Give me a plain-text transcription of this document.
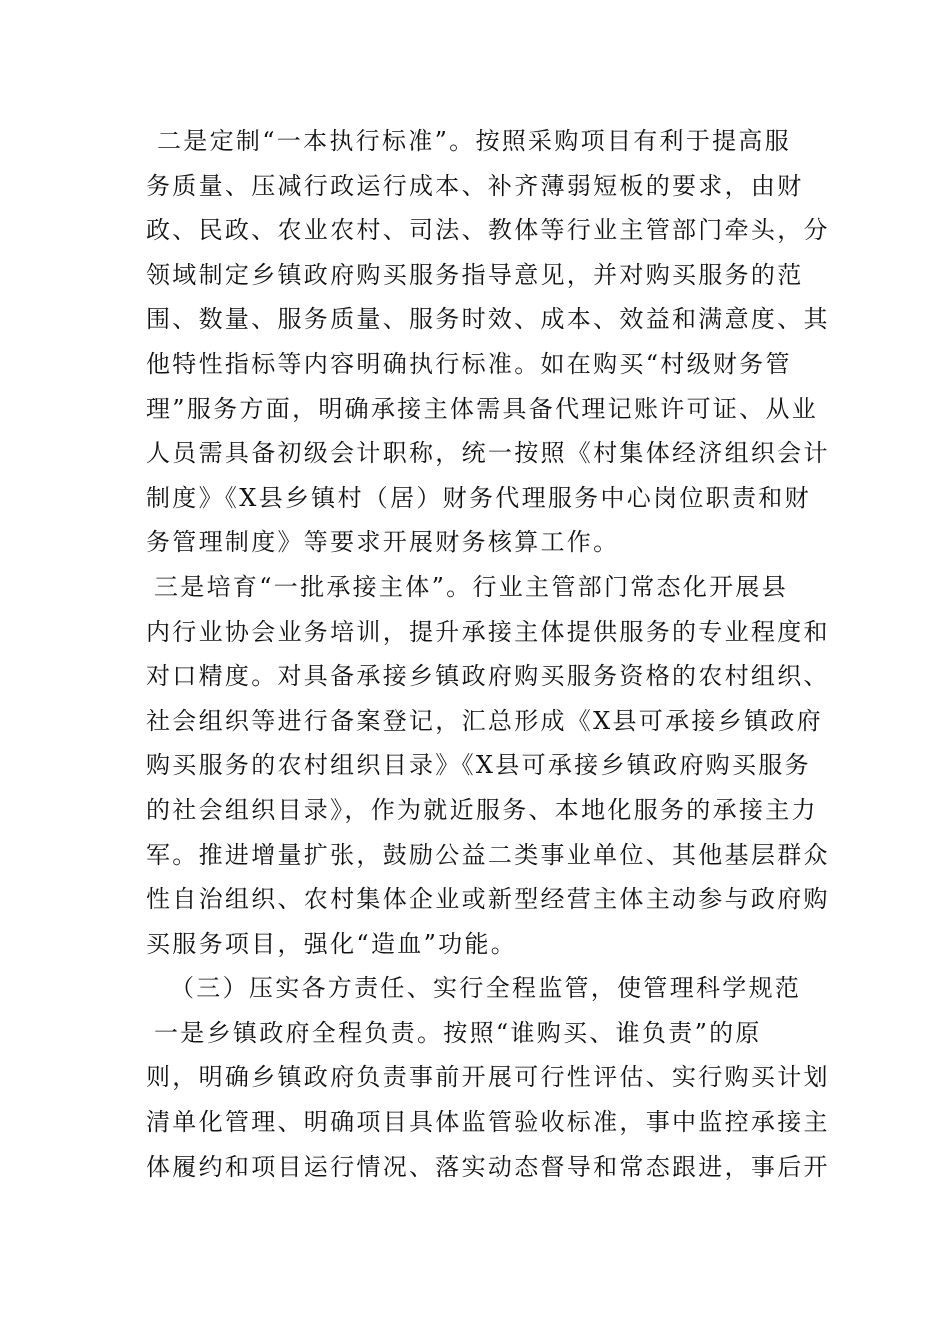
二是定制“一本执行标准”。按照采购项目有利于提高服

务质量、压减行政运行成本、补齐薄弱短板的要求，由财

政、民政、农业农村、司法、教体等行业主管部门牵头，分

领域制定乡镇政府购买服务指导意见，并对购买服务的范

围、数量、服务质量、服务时效、成本、效益和满意度、其

他特性指标等内容明确执行标准。如在购买“村级财务管

理”服务方面，明确承接主体需具备代理记账许可证、从业

人员需具备初级会计职称，统一按照《村集体经济组织会计

制度》《X县乡镇村（居）财务代理服务中心岗位职责和财

务管理制度》等要求开展财务核算工作。

三是培育“一批承接主体”。行业主管部门常态化开展县

内行业协会业务培训，提升承接主体提供服务的专业程度和

对口精度。对具备承接乡镇政府购买服务资格的农村组织、

社会组织等进行备案登记，汇总形成《X县可承接乡镇政府

购买服务的农村组织目录》《X县可承接乡镇政府购买服务

的社会组织目录》，作为就近服务、本地化服务的承接主力

军。推进增量扩张，鼓励公益二类事业单位、其他基层群众

性自治组织、农村集体企业或新型经营主体主动参与政府购

买服务项目，强化“造血”功能。

（三）压实各方责任、实行全程监管，使管理科学规范

一是乡镇政府全程负责。按照“谁购买、谁负责”的原

则，明确乡镇政府负责事前开展可行性评估、实行购买计划

清单化管理、明确项目具体监管验收标准，事中监控承接主

体履约和项目运行情况、落实动态督导和常态跟进，事后开
